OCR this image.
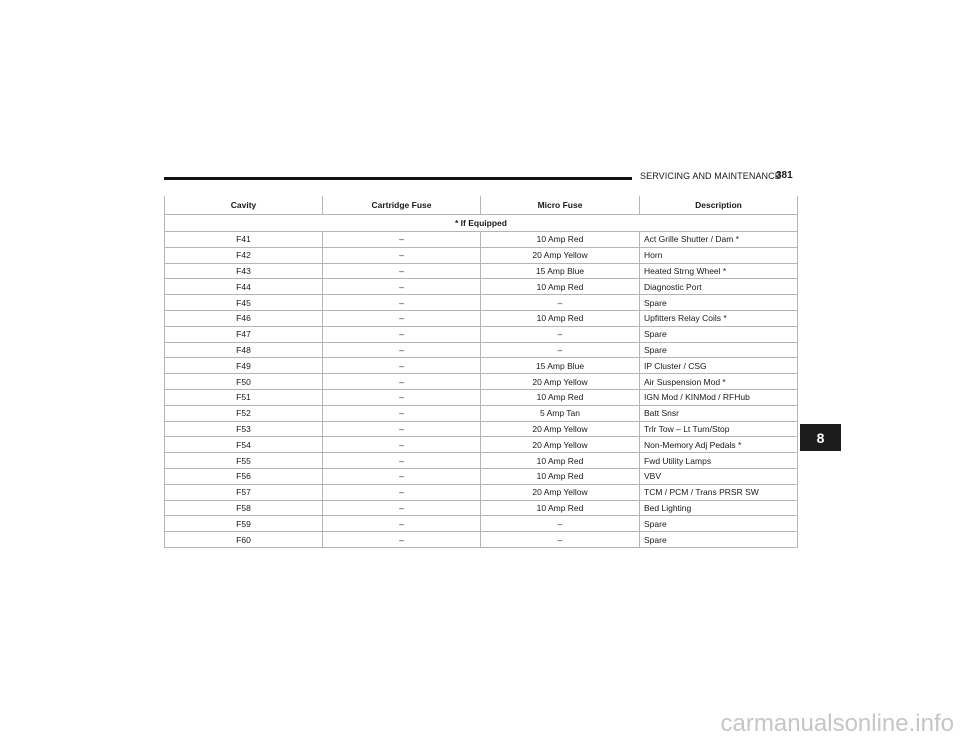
SERVICING AND MAINTENANCE
381
Cavity	Cartridge Fuse	Micro Fuse	Description
* If Equipped			
F41	–	10 Amp Red	Act Grille Shutter / Dam *
F42	–	20 Amp Yellow	Horn
F43	–	15 Amp Blue	Heated Strng Wheel *
F44	–	10 Amp Red	Diagnostic Port
F45	–	–	Spare
F46	–	10 Amp Red	Upfitters Relay Coils *
F47	–	–	Spare
F48	–	–	Spare
F49	–	15 Amp Blue	IP Cluster / CSG
F50	–	20 Amp Yellow	Air Suspension Mod *
F51	–	10 Amp Red	IGN Mod / KINMod / RFHub
F52	–	5 Amp Tan	Batt Snsr
F53	–	20 Amp Yellow	Trlr Tow – Lt Turn/Stop
F54	–	20 Amp Yellow	Non-Memory Adj Pedals *
F55	–	10 Amp Red	Fwd Utility Lamps
F56	–	10 Amp Red	VBV
F57	–	20 Amp Yellow	TCM / PCM / Trans PRSR SW
F58	–	10 Amp Red	Bed Lighting
F59	–	–	Spare
F60	–	–	Spare
8
carmanualsonline.info
